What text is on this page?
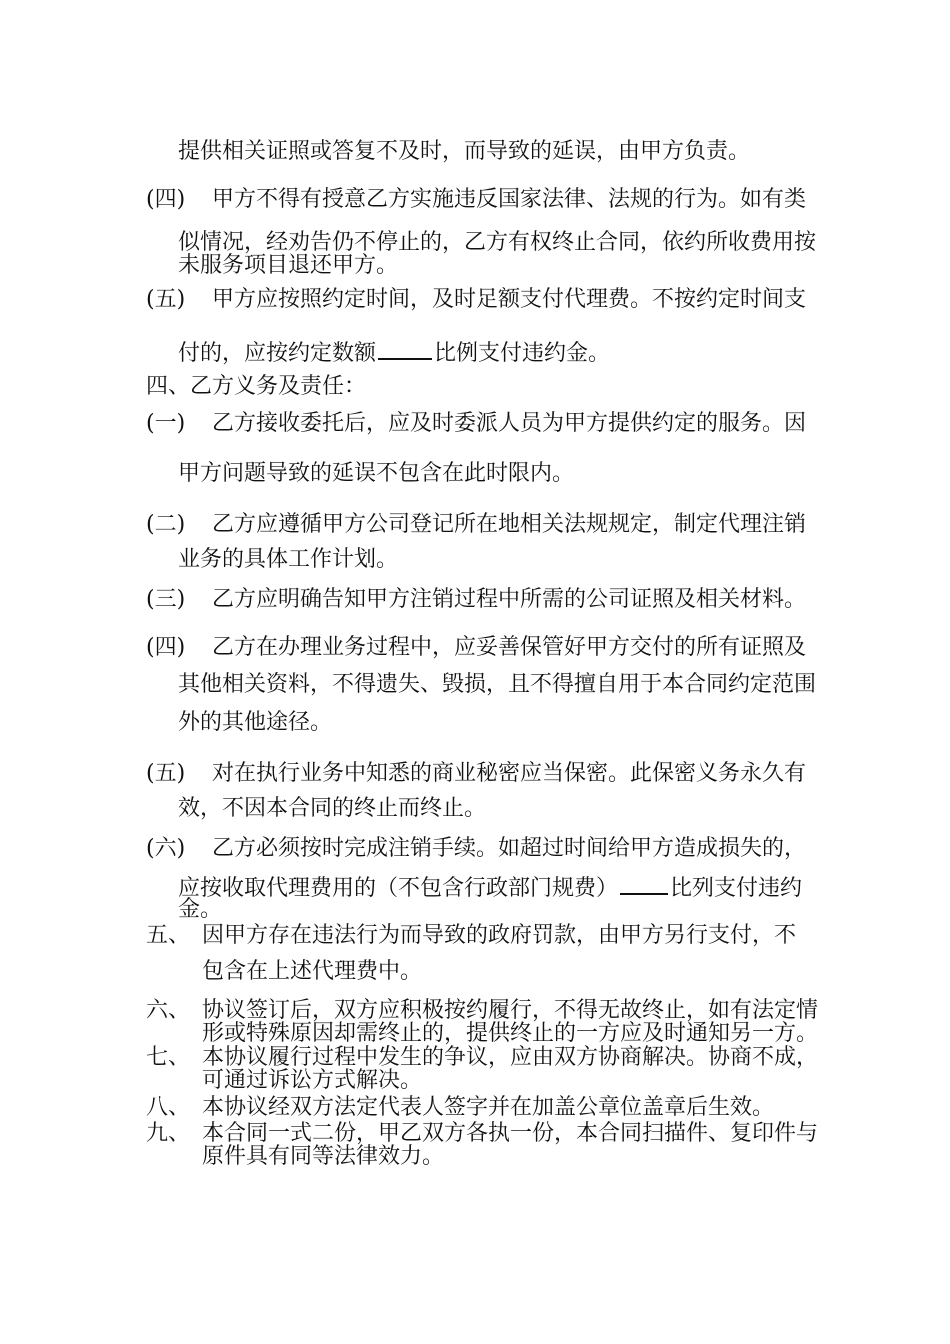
提供相关证照或答复不及时，而导致的延误，由甲方负责。
(四) 甲方不得有授意乙方实施违反国家法律、法规的行为。如有类
似情况，经劝告仍不停止的，乙方有权终止合同，依约所收费用按
未服务项目退还甲方。
(五) 甲方应按照约定时间，及时足额支付代理费。不按约定时间支
付的，应按约定数额	比例支付违约金。
四、乙方义务及责任：
(一) 乙方接收委托后，应及时委派人员为甲方提供约定的服务。因
甲方问题导致的延误不包含在此时限内。
(二) 乙方应遵循甲方公司登记所在地相关法规规定，制定代理注销
业务的具体工作计划。
(三) 乙方应明确告知甲方注销过程中所需的公司证照及相关材料。
(四) 乙方在办理业务过程中，应妥善保管好甲方交付的所有证照及
其他相关资料，不得遗失、毁损，且不得擅自用于本合同约定范围
外的其他途径。
(五) 对在执行业务中知悉的商业秘密应当保密。此保密义务永久有
效，不因本合同的终止而终止。
(六) 乙方必须按时完成注销手续。如超过时间给甲方造成损失的，
应按收取代理费用的（不包含行政部门规费） 比列支付违约
金。
五、 因甲方存在违法行为而导致的政府罚款，由甲方另行支付，不
包含在上述代理费中。
六、 协议签订后，双方应积极按约履行，不得无故终止，如有法定情
形或特殊原因却需终止的，提供终止的一方应及时通知另一方。
七、 本协议履行过程中发生的争议，应由双方协商解决。协商不成，
可通过诉讼方式解决。
八、 本协议经双方法定代表人签字并在加盖公章位盖章后生效。
九、 本合同一式二份，甲乙双方各执一份，本合同扫描件、复印件与
原件具有同等法律效力。
